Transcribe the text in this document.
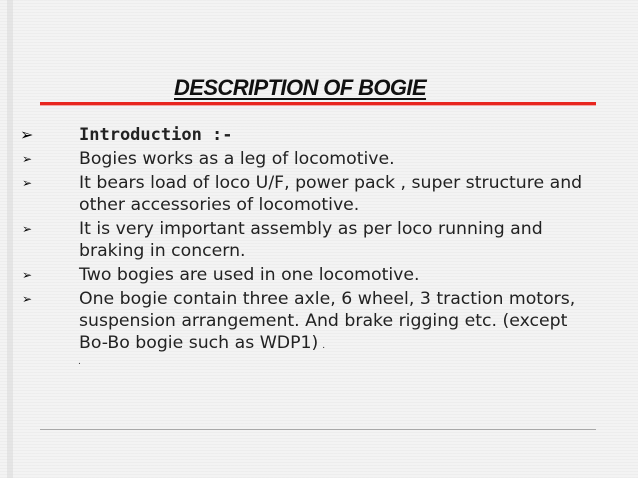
DESCRIPTION OF BOGIE
➢	Introduction :-
➢	Bogies works as a leg of locomotive.
➢	It bears load of loco U/F, power pack , super structure and other accessories of locomotive.
➢	It is very important assembly as per loco running and braking in concern.
➢	Two bogies are used in one locomotive.
➢	One bogie contain three axle, 6 wheel, 3 traction motors, suspension arrangement. And brake rigging etc. (except Bo-Bo bogie such as WDP1) .
.
